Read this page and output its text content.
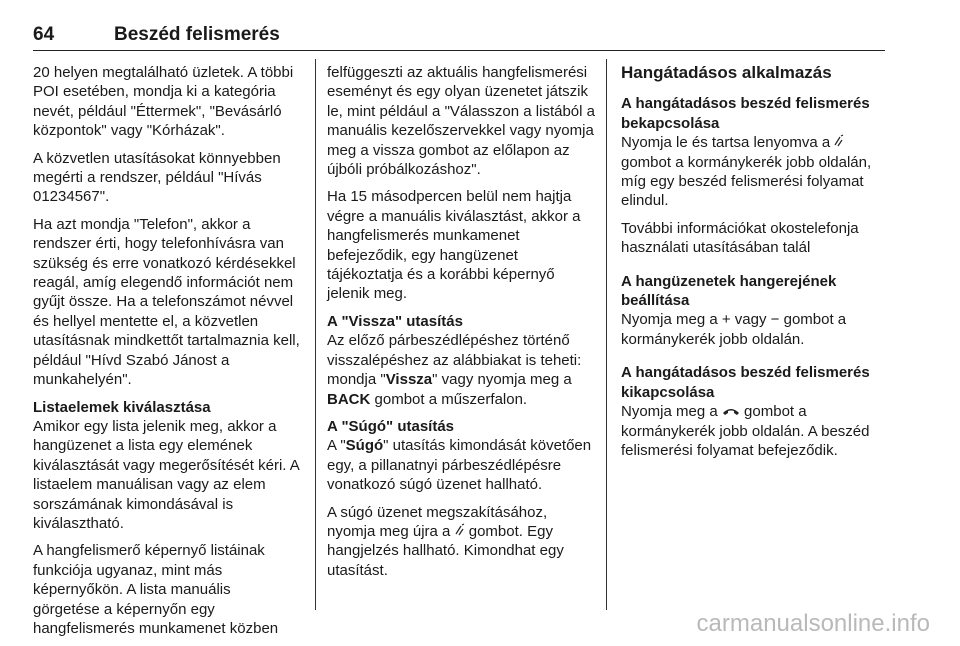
64	Beszéd felismerés

20 helyen megtalálható üzletek. A többi POI esetében, mondja ki a kategória nevét, például "Éttermek", "Bevásárló központok" vagy "Kórházak".

A közvetlen utasításokat könnyebben megérti a rendszer, például "Hívás 01234567".

Ha azt mondja "Telefon", akkor a rendszer érti, hogy telefonhívásra van szükség és erre vonatkozó kérdésekkel reagál, amíg elegendő információt nem gyűjt össze. Ha a telefonszámot névvel és hellyel mentette el, a közvetlen utasításnak mindkettőt tartalmaznia kell, például "Hívd Szabó Jánost a munkahelyén".

Listaelemek kiválasztása

Amikor egy lista jelenik meg, akkor a hangüzenet a lista egy elemének kiválasztását vagy megerősítését kéri. A listaelem manuálisan vagy az elem sorszámának kimondásával is kiválasztható.

A hangfelismerő képernyő listáinak funkciója ugyanaz, mint más képernyőkön. A lista manuális görgetése a képernyőn egy hangfelismerés munkamenet közben

felfüggeszti az aktuális hangfelismerési eseményt és egy olyan üzenetet játszik le, mint például a "Válasszon a listából a manuális kezelőszervekkel vagy nyomja meg a vissza gombot az előlapon az újbóli próbálkozáshoz".

Ha 15 másodpercen belül nem hajtja végre a manuális kiválasztást, akkor a hangfelismerés munkamenet befejeződik, egy hangüzenet tájékoztatja és a korábbi képernyő jelenik meg.

A "Vissza" utasítás

Az előző párbeszédlépéshez történő visszalépéshez az alábbiakat is teheti: mondja "Vissza" vagy nyomja meg a BACK gombot a műszerfalon.

A "Súgó" utasítás

A "Súgó" utasítás kimondását követően egy, a pillanatnyi párbeszédlépésre vonatkozó súgó üzenet hallható.

A súgó üzenet megszakításához, nyomja meg újra a  gombot. Egy hangjelzés hallható. Kimondhat egy utasítást.

Hangátadásos alkalmazás

A hangátadásos beszéd felismerés bekapcsolása

Nyomja le és tartsa lenyomva a  gombot a kormánykerék jobb oldalán, míg egy beszéd felismerési folyamat elindul.

További információkat okostelefonja használati utasításában talál

A hangüzenetek hangerejének beállítása

Nyomja meg a + vagy − gombot a kormánykerék jobb oldalán.

A hangátadásos beszéd felismerés kikapcsolása

Nyomja meg a  gombot a kormánykerék jobb oldalán. A beszéd felismerési folyamat befejeződik.

carmanualsonline.info
